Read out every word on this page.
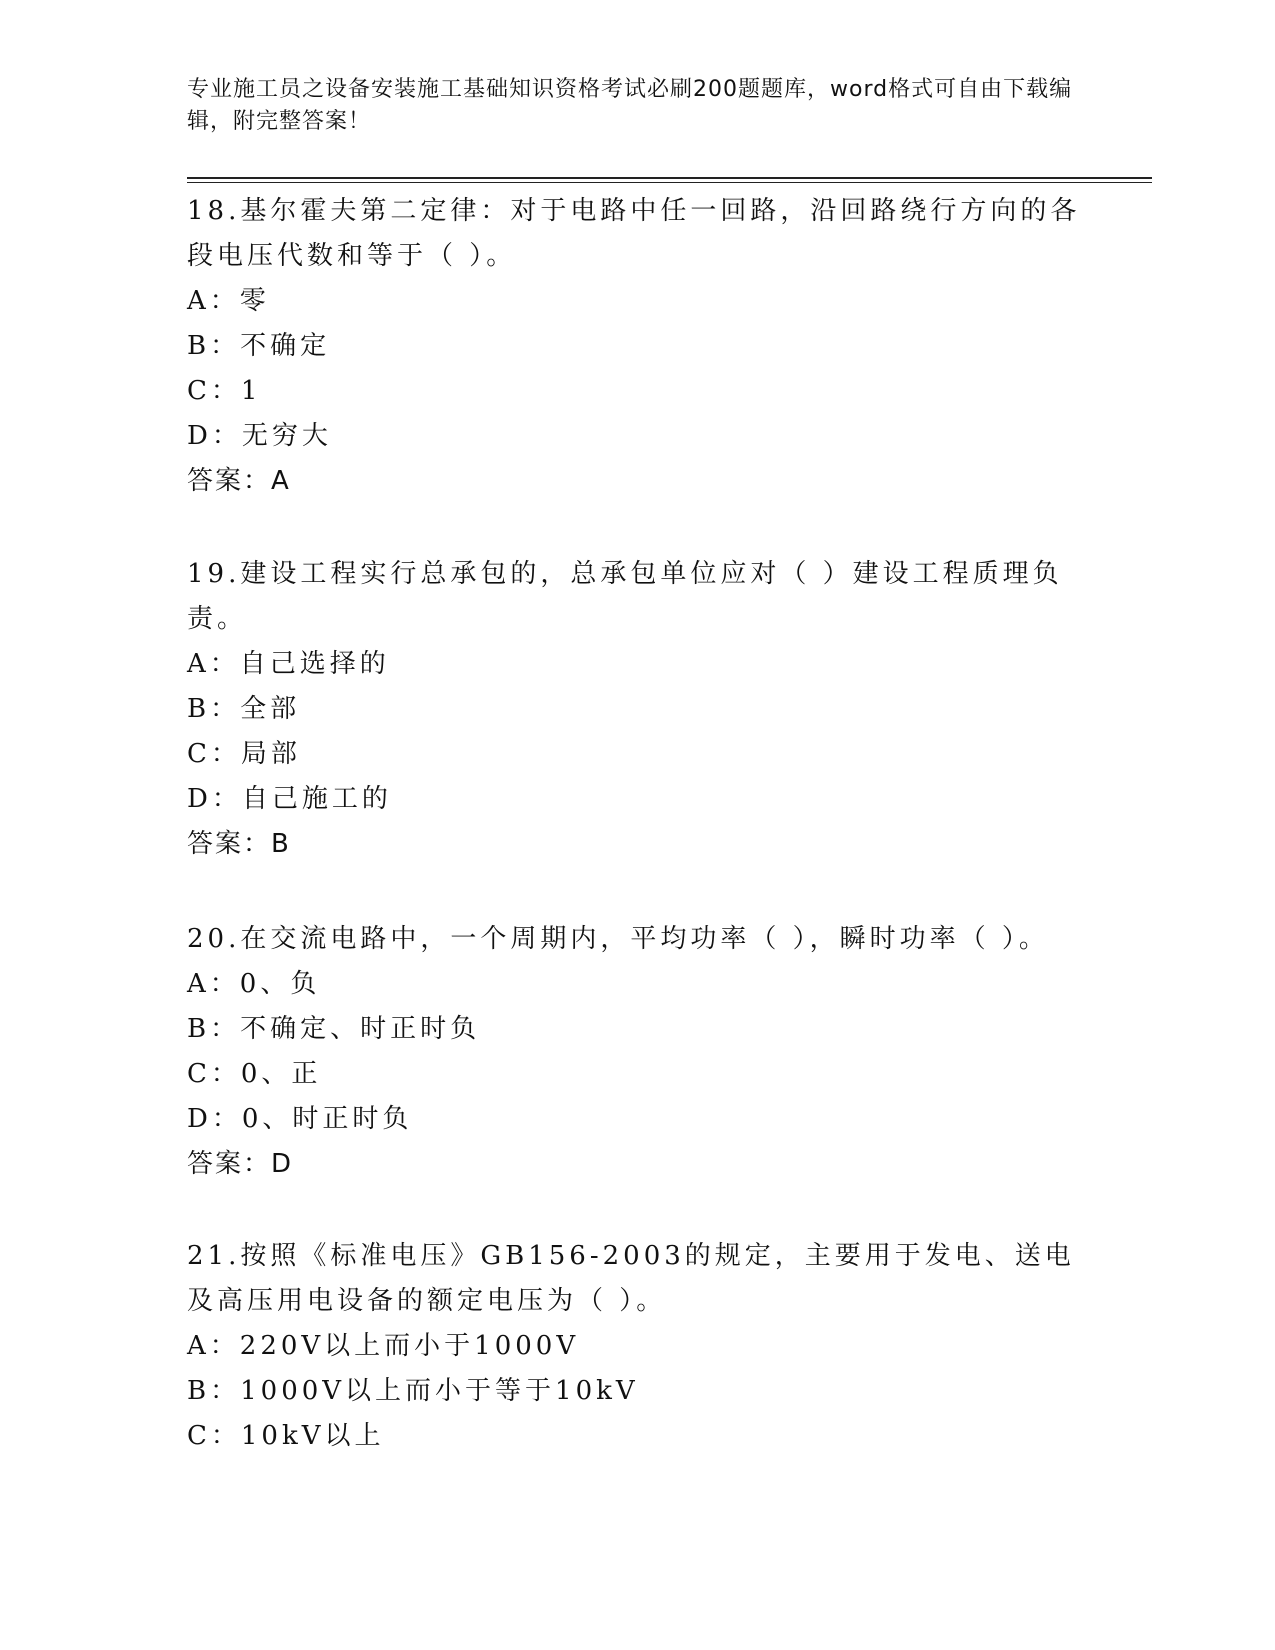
专业施工员之设备安装施工基础知识资格考试必刷200题题库，word格式可自由下载编辑，附完整答案！

18.基尔霍夫第二定律：对于电路中任一回路，沿回路绕行方向的各段电压代数和等于（ ）。

A：零

B：不确定

C：1

D：无穷大

答案：A

19.建设工程实行总承包的，总承包单位应对（ ）建设工程质理负责。

A：自己选择的

B：全部

C：局部

D：自己施工的

答案：B

20.在交流电路中，一个周期内，平均功率（ ），瞬时功率（ ）。

A：0、负

B：不确定、时正时负

C：0、正

D：0、时正时负

答案：D

21.按照《标准电压》GB156-2003的规定，主要用于发电、送电及高压用电设备的额定电压为（ ）。

A：220V以上而小于1000V

B：1000V以上而小于等于10kV

C：10kV以上
